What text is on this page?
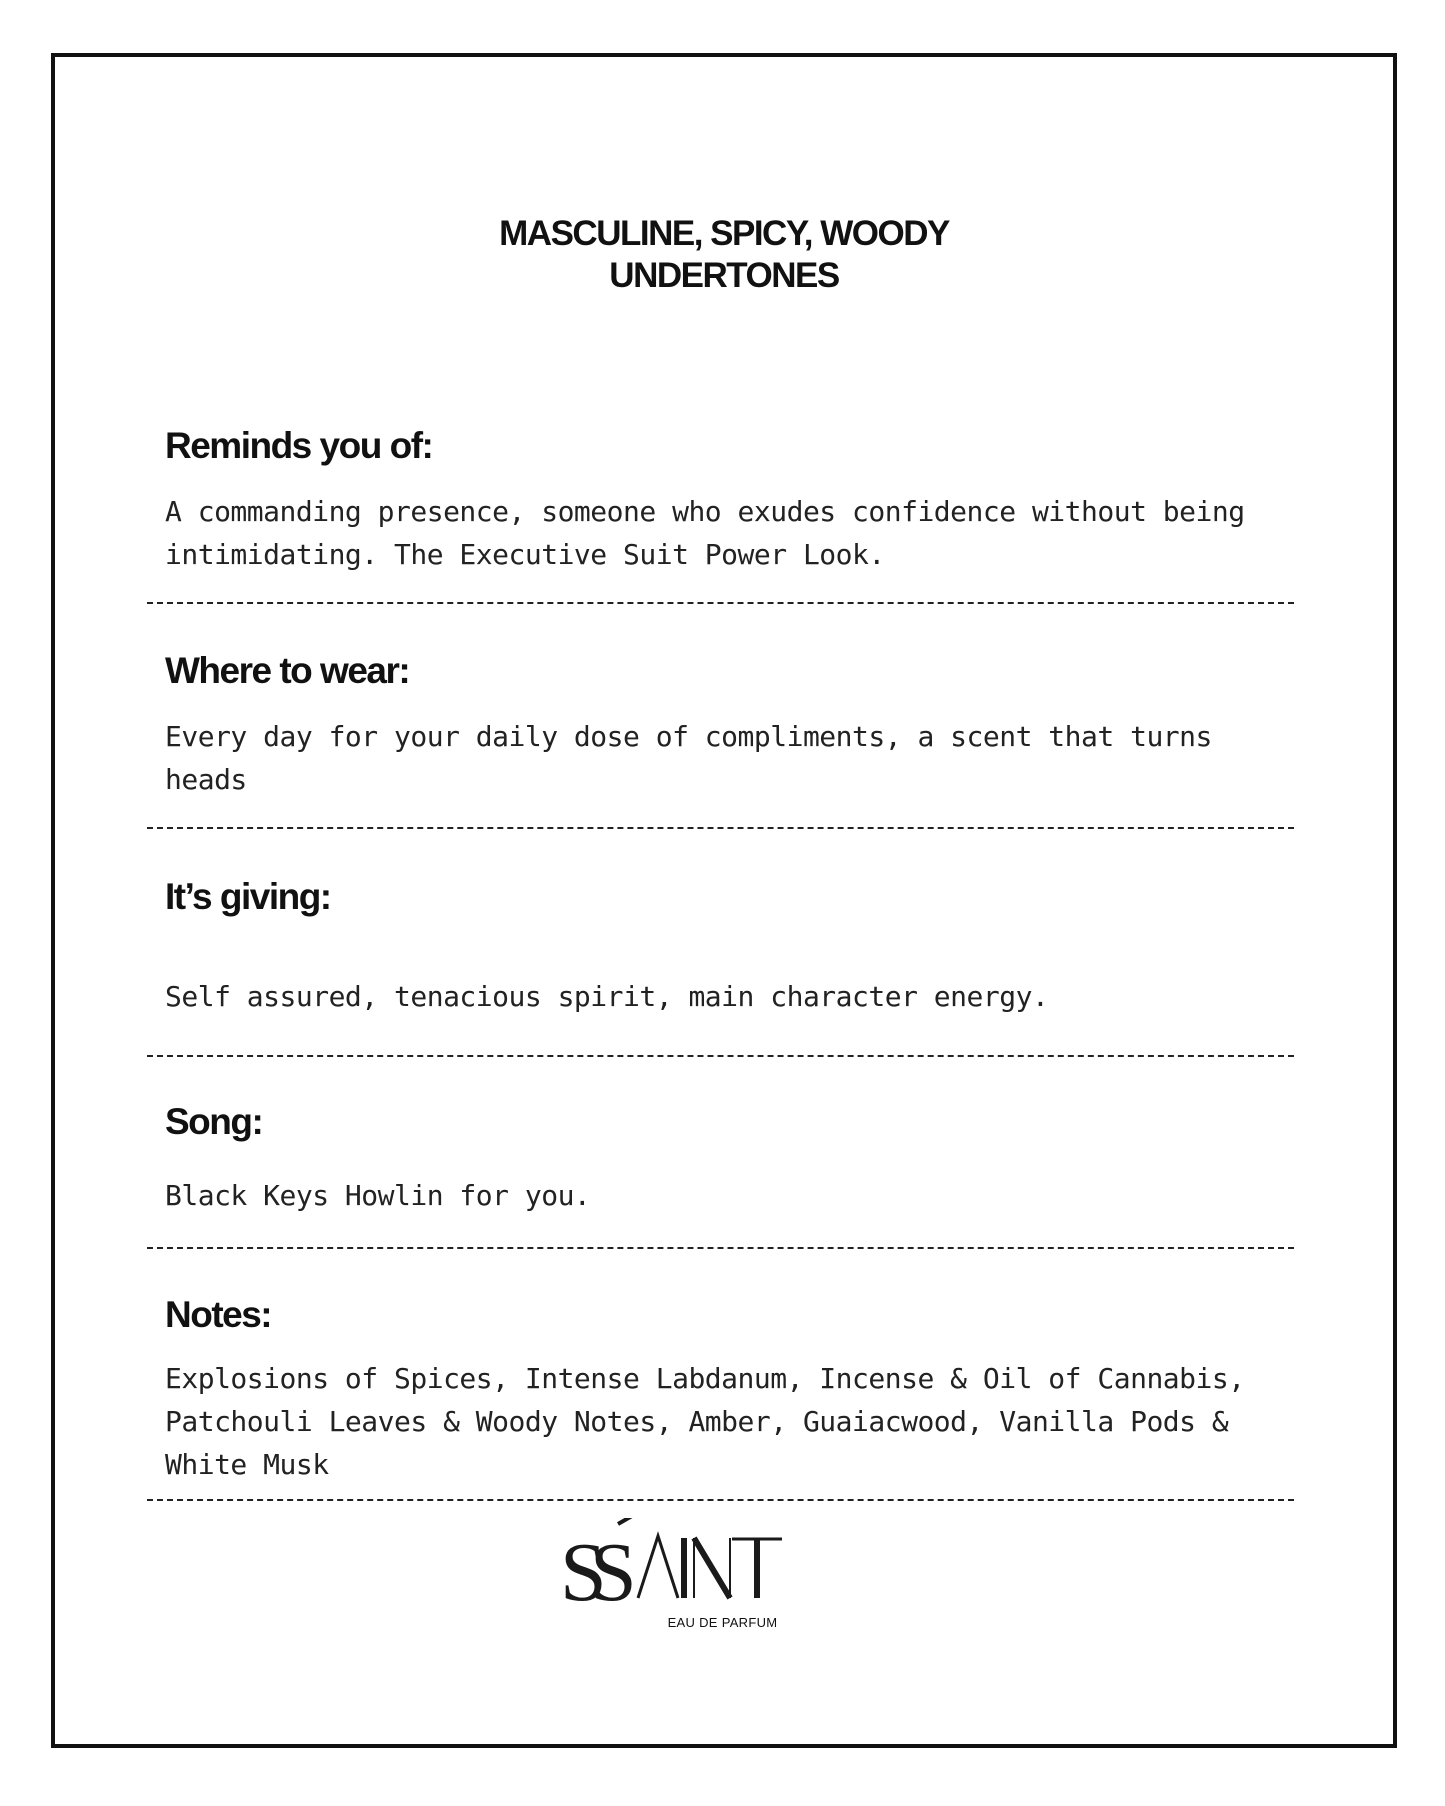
MASCULINE, SPICY, WOODY
UNDERTONES
Reminds you of:

A commanding presence, someone who exudes confidence without being
intimidating. The Executive Suit Power Look.

Where to wear:

Every day for your daily dose of compliments, a scent that turns heads

It’s giving:

Self assured, tenacious spirit, main character energy.

Song:

Black Keys Howlin for you.

Notes:

Explosions of Spices, Intense Labdanum, Incense & Oil of Cannabis,
Patchouli Leaves & Woody Notes, Amber, Guaiacwood, Vanilla Pods &
White Musk

S
S
EAU DE PARFUM
